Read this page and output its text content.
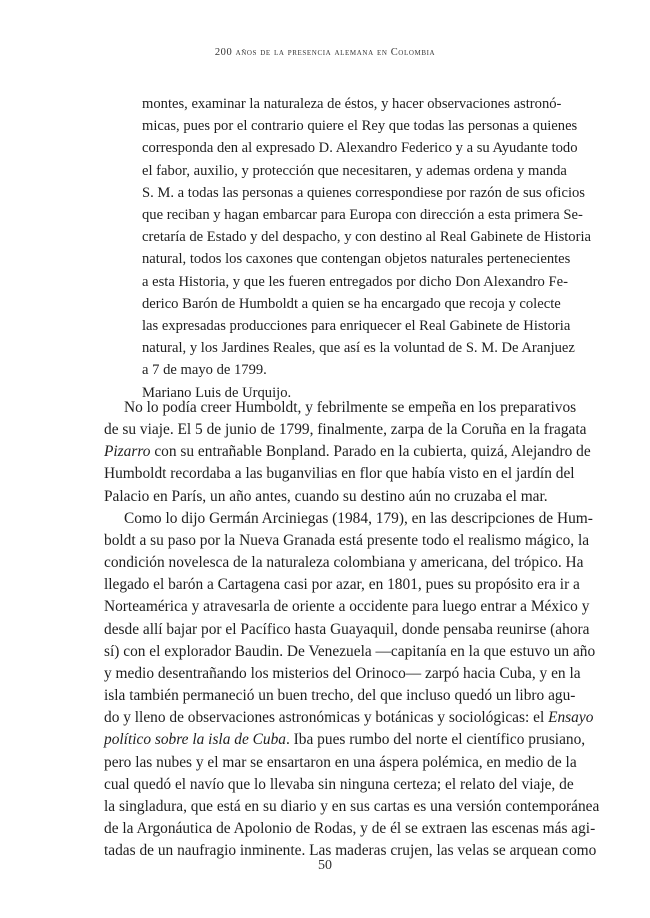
200 años de la presencia alemana en Colombia
montes, examinar la naturaleza de éstos, y hacer observaciones astronó-
micas, pues por el contrario quiere el Rey que todas las personas a quienes
corresponda den al expresado D. Alexandro Federico y a su Ayudante todo
el fabor, auxilio, y protección que necesitaren, y ademas ordena y manda
S. M. a todas las personas a quienes correspondiese por razón de sus oficios
que reciban y hagan embarcar para Europa con dirección a esta primera Se-
cretaría de Estado y del despacho, y con destino al Real Gabinete de Historia
natural, todos los caxones que contengan objetos naturales pertenecientes
a esta Historia, y que les fueren entregados por dicho Don Alexandro Fe-
derico Barón de Humboldt a quien se ha encargado que recoja y colecte
las expresadas producciones para enriquecer el Real Gabinete de Historia
natural, y los Jardines Reales, que así es la voluntad de S. M. De Aranjuez
a 7 de mayo de 1799.
Mariano Luis de Urquijo.
No lo podía creer Humboldt, y febrilmente se empeña en los preparativos
de su viaje. El 5 de junio de 1799, finalmente, zarpa de la Coruña en la fragata
Pizarro con su entrañable Bonpland. Parado en la cubierta, quizá, Alejandro de
Humboldt recordaba a las buganvilias en flor que había visto en el jardín del
Palacio en París, un año antes, cuando su destino aún no cruzaba el mar.
Como lo dijo Germán Arciniegas (1984, 179), en las descripciones de Hum-
boldt a su paso por la Nueva Granada está presente todo el realismo mágico, la
condición novelesca de la naturaleza colombiana y americana, del trópico. Ha
llegado el barón a Cartagena casi por azar, en 1801, pues su propósito era ir a
Norteamérica y atravesarla de oriente a occidente para luego entrar a México y
desde allí bajar por el Pacífico hasta Guayaquil, donde pensaba reunirse (ahora
sí) con el explorador Baudin. De Venezuela —capitanía en la que estuvo un año
y medio desentrañando los misterios del Orinoco— zarpó hacia Cuba, y en la
isla también permaneció un buen trecho, del que incluso quedó un libro agu-
do y lleno de observaciones astronómicas y botánicas y sociológicas: el Ensayo
político sobre la isla de Cuba. Iba pues rumbo del norte el científico prusiano,
pero las nubes y el mar se ensartaron en una áspera polémica, en medio de la
cual quedó el navío que lo llevaba sin ninguna certeza; el relato del viaje, de
la singladura, que está en su diario y en sus cartas es una versión contemporánea
de la Argonáutica de Apolonio de Rodas, y de él se extraen las escenas más agi-
tadas de un naufragio inminente. Las maderas crujen, las velas se arquean como
50
